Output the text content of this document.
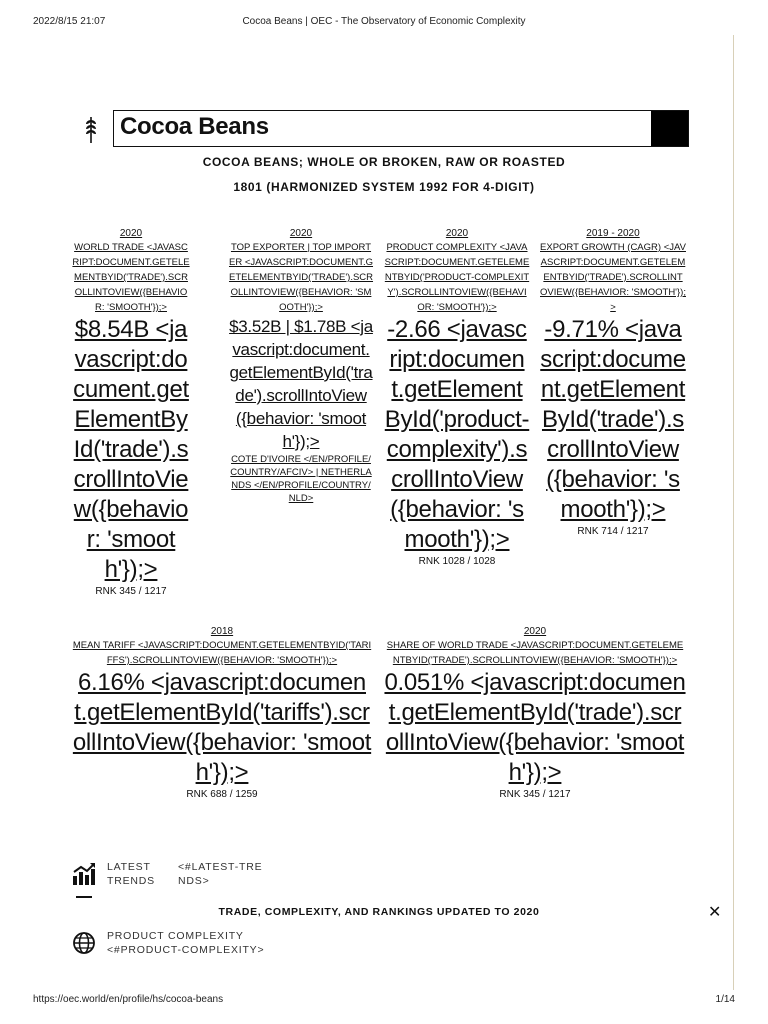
2022/8/15 21:07	Cocoa Beans | OEC - The Observatory of Economic Complexity
Cocoa Beans
COCOA BEANS; WHOLE OR BROKEN, RAW OR ROASTED
1801 (HARMONIZED SYSTEM 1992 FOR 4-DIGIT)
2020
WORLD TRADE <JAVASCRIPT:DOCUMENT.GETELEMENTBYID('TRADE').SCROLLINTOVIEW({BEHAVIOR: 'SMOOTH'});>
$8.54B <javascript:document.getElementById('trade').scrollIntoView({behavior: 'smooth'});>
RNK 345 / 1217
2020
TOP EXPORTER | TOP IMPORTER <JAVASCRIPT:DOCUMENT.GETELEMENTBYID('TRADE').SCROLLINTOVIEW({BEHAVIOR: 'SMOOTH'});>
$3.52B | $1.78B <javascript:document.getElementById('trade').scrollIntoView({behavior: 'smooth'});>
COTE D'IVOIRE </EN/PROFILE/COUNTRY/AFCIV> | NETHERLANDS </EN/PROFILE/COUNTRY/NLD>
2020
PRODUCT COMPLEXITY <JAVASCRIPT:DOCUMENT.GETELEMENTBYID('PRODUCT-COMPLEXITY').SCROLLINTOVIEW({BEHAVIOR: 'SMOOTH'});>
-2.66 <javascript:document.getElementById('product-complexity').scrollIntoView({behavior: 'smooth'});>
RNK 1028 / 1028
2019 - 2020
EXPORT GROWTH (CAGR) <JAVASCRIPT:DOCUMENT.GETELEMENTBYID('TRADE').SCROLLINTOVIEW({BEHAVIOR: 'SMOOTH'});>
-9.71% <javascript:document.getElementById('trade').scrollIntoView({behavior: 'smooth'});>
RNK 714 / 1217
2018
MEAN TARIFF <JAVASCRIPT:DOCUMENT.GETELEMENTBYID('TARIFFS').SCROLLINTOVIEW({BEHAVIOR: 'SMOOTH'});>
6.16% <javascript:document.getElementById('tariffs').scrollIntoView({behavior: 'smooth'});>
RNK 688 / 1259
2020
SHARE OF WORLD TRADE <JAVASCRIPT:DOCUMENT.GETELEMENTBYID('TRADE').SCROLLINTOVIEW({BEHAVIOR: 'SMOOTH'});>
0.051% <javascript:document.getElementById('trade').scrollIntoView({behavior: 'smooth'});>
RNK 345 / 1217
LATEST TRENDS
<#LATEST-TRENDS>
TRADE, COMPLEXITY, AND RANKINGS UPDATED TO 2020	✕
PRODUCT COMPLEXITY <#PRODUCT-COMPLEXITY>
https://oec.world/en/profile/hs/cocoa-beans	1/14
